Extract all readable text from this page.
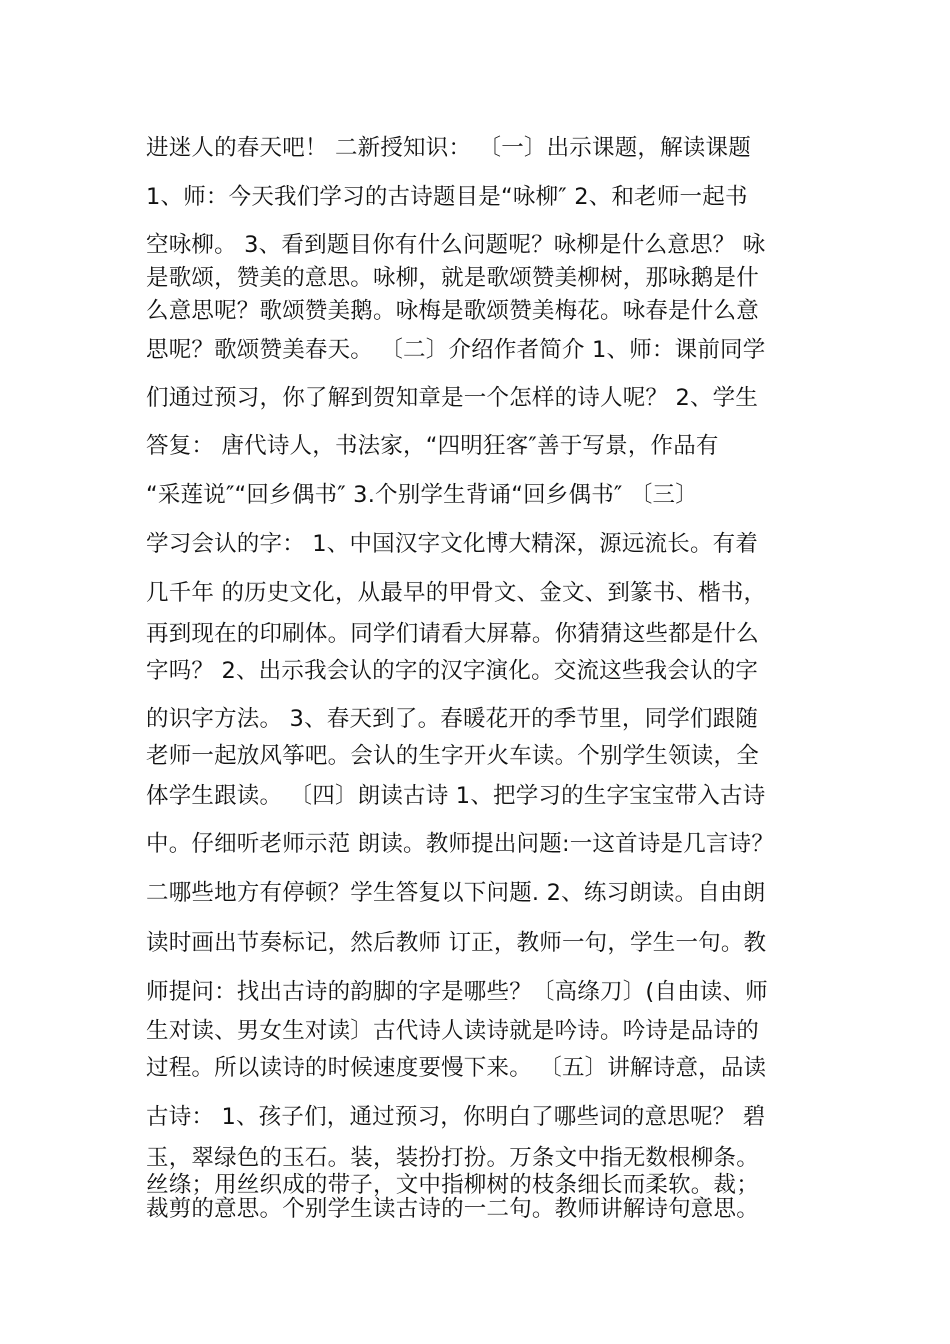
进迷人的春天吧！ 二新授知识： 〔一〕出示课题，解读课题
1、师：今天我们学习的古诗题目是“咏柳″ 2、和老师一起书
空咏柳。 3、看到题目你有什么问题呢？咏柳是什么意思？ 咏
是歌颂，赞美的意思。咏柳，就是歌颂赞美柳树，那咏鹅是什
么意思呢？歌颂赞美鹅。咏梅是歌颂赞美梅花。咏春是什么意
思呢？歌颂赞美春天。 〔二〕介绍作者简介 1、师：课前同学
们通过预习，你了解到贺知章是一个怎样的诗人呢？ 2、学生
答复： 唐代诗人，书法家，“四明狂客″善于写景，作品有
“采莲说″“回乡偶书″ 3.个别学生背诵“回乡偶书″ 〔三〕
学习会认的字： 1、中国汉字文化博大精深，源远流长。有着
几千年 的历史文化，从最早的甲骨文、金文、到篆书、楷书，
再到现在的印刷体。同学们请看大屏幕。你猜猜这些都是什么
字吗？ 2、出示我会认的字的汉字演化。交流这些我会认的字
的识字方法。 3、春天到了。春暖花开的季节里，同学们跟随
老师一起放风筝吧。会认的生字开火车读。个别学生领读，全
体学生跟读。 〔四〕朗读古诗 1、把学习的生字宝宝带入古诗
中。仔细听老师示范 朗读。教师提出问题:一这首诗是几言诗？
二哪些地方有停顿？学生答复以下问题. 2、练习朗读。自由朗
读时画出节奏标记，然后教师 订正，教师一句，学生一句。教
师提问：找出古诗的韵脚的字是哪些？〔高绦刀〕(自由读、师
生对读、男女生对读〕古代诗人读诗就是吟诗。吟诗是品诗的
过程。所以读诗的时候速度要慢下来。 〔五〕讲解诗意，品读
古诗： 1、孩子们，通过预习，你明白了哪些词的意思呢？ 碧
玉，翠绿色的玉石。装，装扮打扮。万条文中指无数根柳条。
丝绦；用丝织成的带子，文中指柳树的枝条细长而柔软。裁；
裁剪的意思。个别学生读古诗的一二句。教师讲解诗句意思。
